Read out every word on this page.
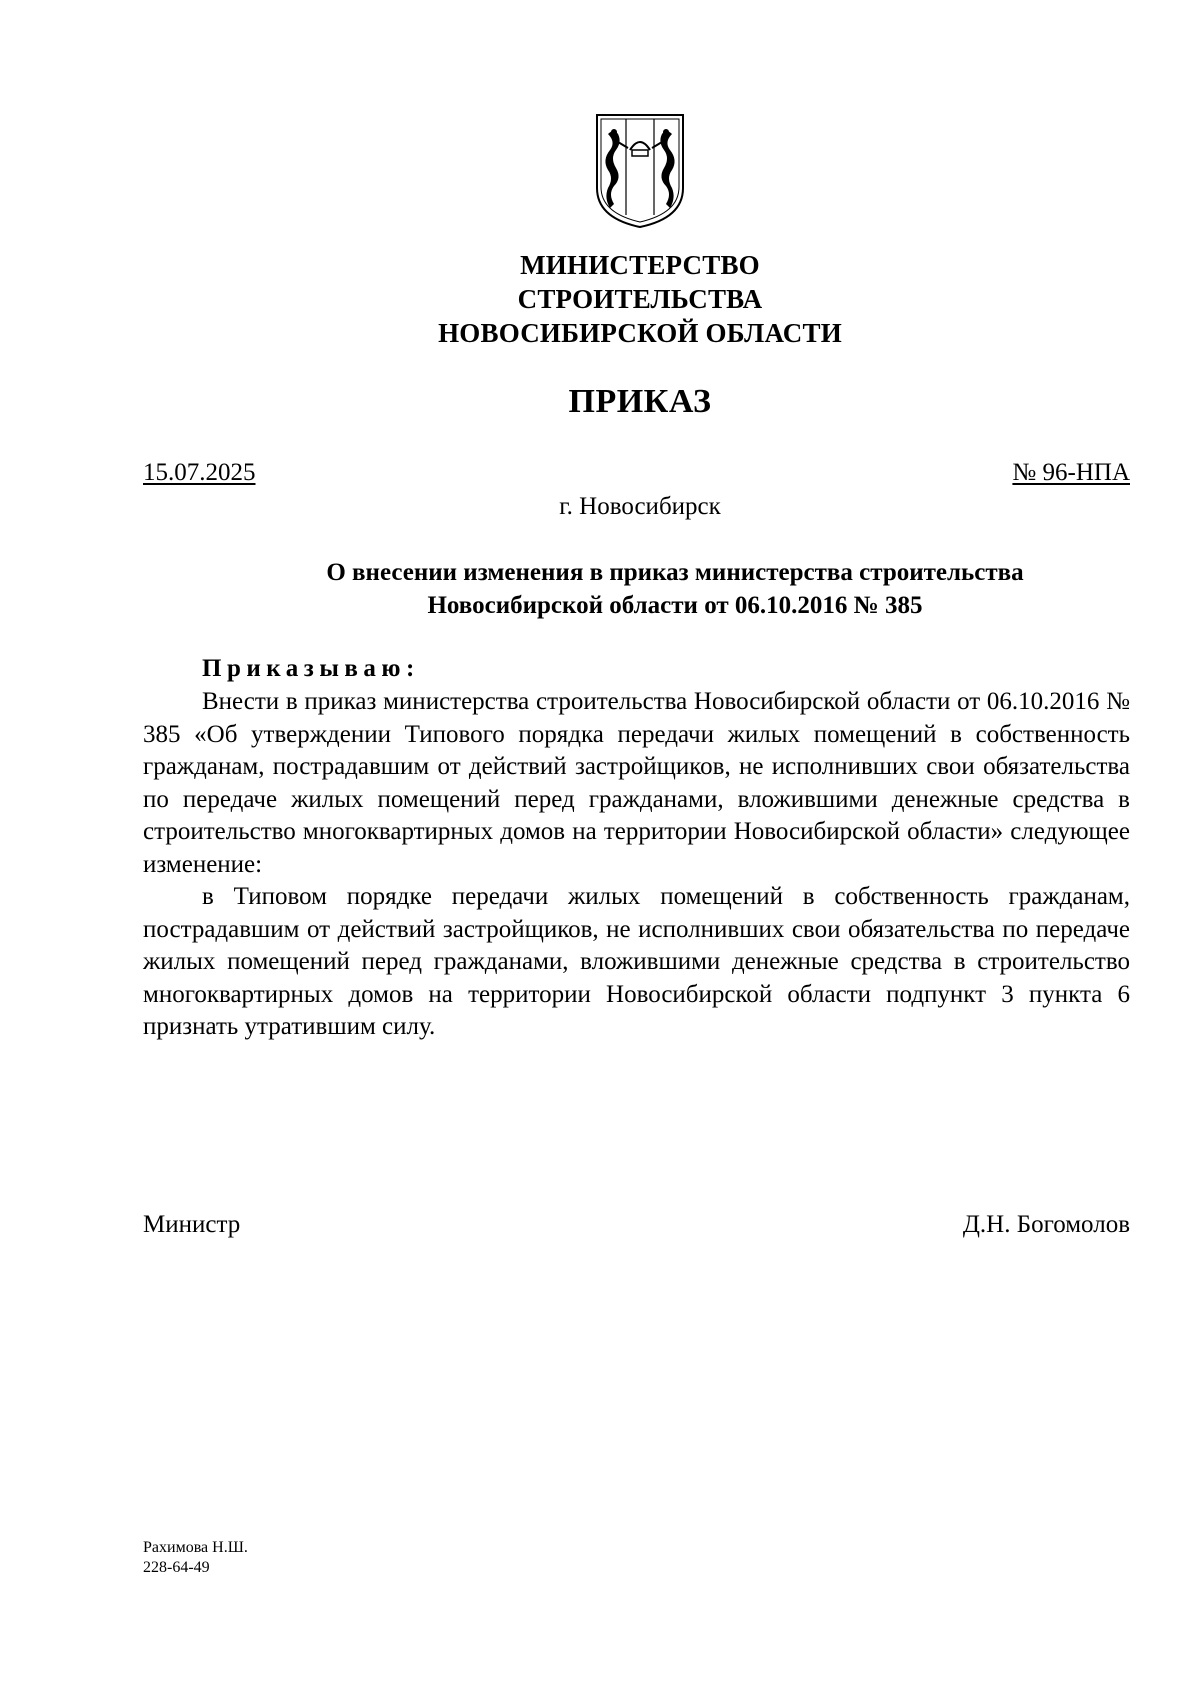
МИНИСТЕРСТВО
СТРОИТЕЛЬСТВА
НОВОСИБИРСКОЙ ОБЛАСТИ
ПРИКАЗ
15.07.2025	№ 96-НПА
г. Новосибирск
О внесении изменения в приказ министерства строительства Новосибирской области от 06.10.2016 № 385
Приказываю:

Внести в приказ министерства строительства Новосибирской области от 06.10.2016 № 385 «Об утверждении Типового порядка передачи жилых помещений в собственность гражданам, пострадавшим от действий застройщиков, не исполнивших свои обязательства по передаче жилых помещений перед гражданами, вложившими денежные средства в строительство многоквартирных домов на территории Новосибирской области» следующее изменение:

в Типовом порядке передачи жилых помещений в собственность гражданам, пострадавшим от действий застройщиков, не исполнивших свои обязательства по передаче жилых помещений перед гражданами, вложившими денежные средства в строительство многоквартирных домов на территории Новосибирской области подпункт 3 пункта 6 признать утратившим силу.

Министр	Д.Н. Богомолов
Рахимова Н.Ш.
228-64-49
